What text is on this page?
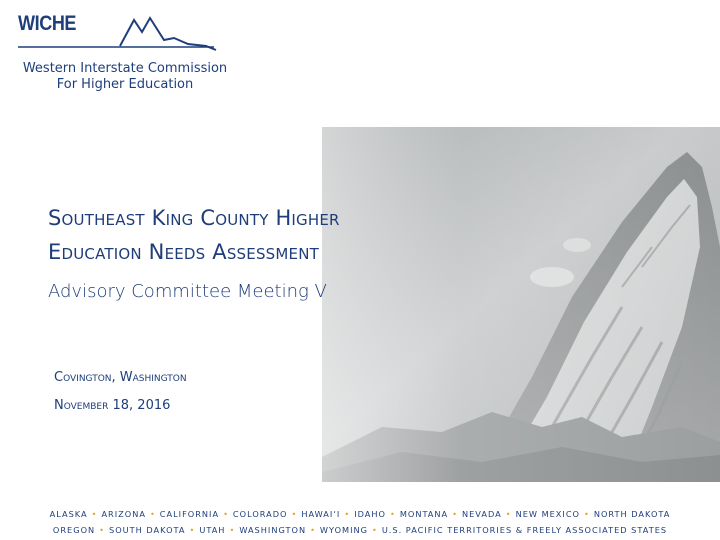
WICHE
Western Interstate Commission
For Higher Education
Southeast King County Higher
Education Needs Assessment
Advisory Committee Meeting V
Covington, Washington
November 18, 2016
ALASKA • ARIZONA • CALIFORNIA • COLORADO • HAWAI‘I • IDAHO • MONTANA • NEVADA • NEW MEXICO • NORTH DAKOTA
OREGON • SOUTH DAKOTA • UTAH • WASHINGTON • WYOMING • U.S. PACIFIC TERRITORIES & FREELY ASSOCIATED STATES
